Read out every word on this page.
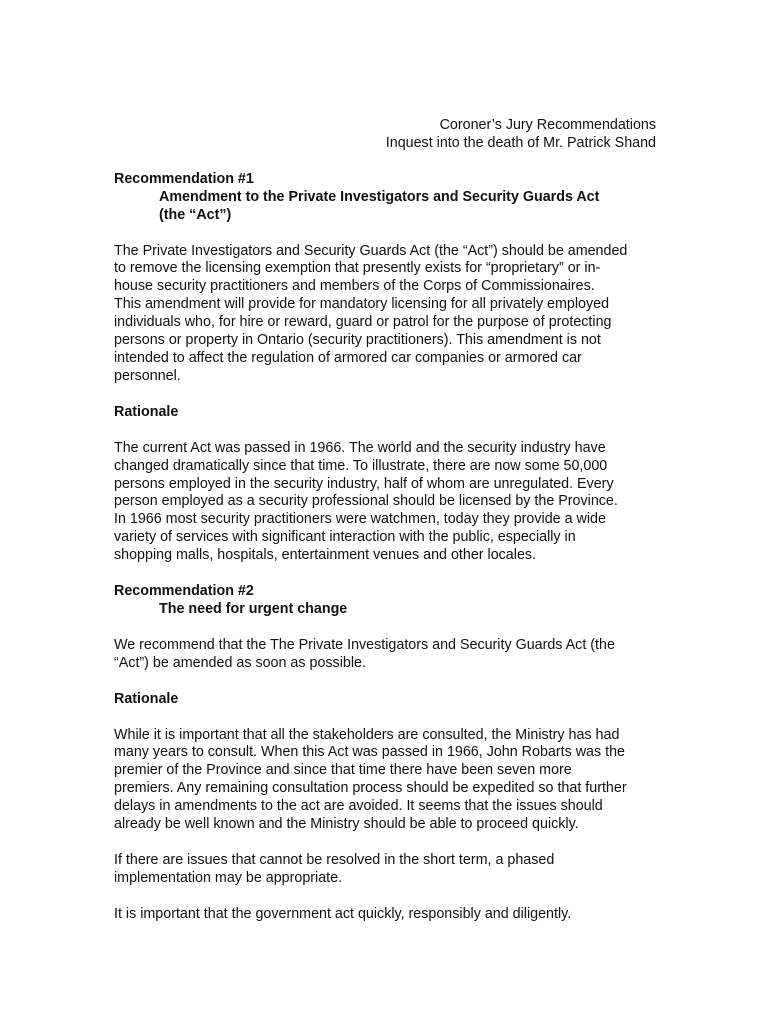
Coroner’s Jury Recommendations
Inquest into the death of Mr. Patrick Shand
Recommendation #1
Amendment to the Private Investigators and Security Guards Act
(the “Act”)
The Private Investigators and Security Guards Act (the “Act”) should be amended
to remove the licensing exemption that presently exists for “proprietary” or in-
house security practitioners and members of the Corps of Commissionaires.
This amendment will provide for mandatory licensing for all privately employed
individuals who, for hire or reward, guard or patrol for the purpose of protecting
persons or property in Ontario (security practitioners). This amendment is not
intended to affect the regulation of armored car companies or armored car
personnel.
Rationale
The current Act was passed in 1966. The world and the security industry have
changed dramatically since that time. To illustrate, there are now some 50,000
persons employed in the security industry, half of whom are unregulated. Every
person employed as a security professional should be licensed by the Province.
In 1966 most security practitioners were watchmen, today they provide a wide
variety of services with significant interaction with the public, especially in
shopping malls, hospitals, entertainment venues and other locales.
Recommendation #2
The need for urgent change
We recommend that the The Private Investigators and Security Guards Act (the
“Act”) be amended as soon as possible.
Rationale
While it is important that all the stakeholders are consulted, the Ministry has had
many years to consult. When this Act was passed in 1966, John Robarts was the
premier of the Province and since that time there have been seven more
premiers. Any remaining consultation process should be expedited so that further
delays in amendments to the act are avoided. It seems that the issues should
already be well known and the Ministry should be able to proceed quickly.
If there are issues that cannot be resolved in the short term, a phased
implementation may be appropriate.
It is important that the government act quickly, responsibly and diligently.
